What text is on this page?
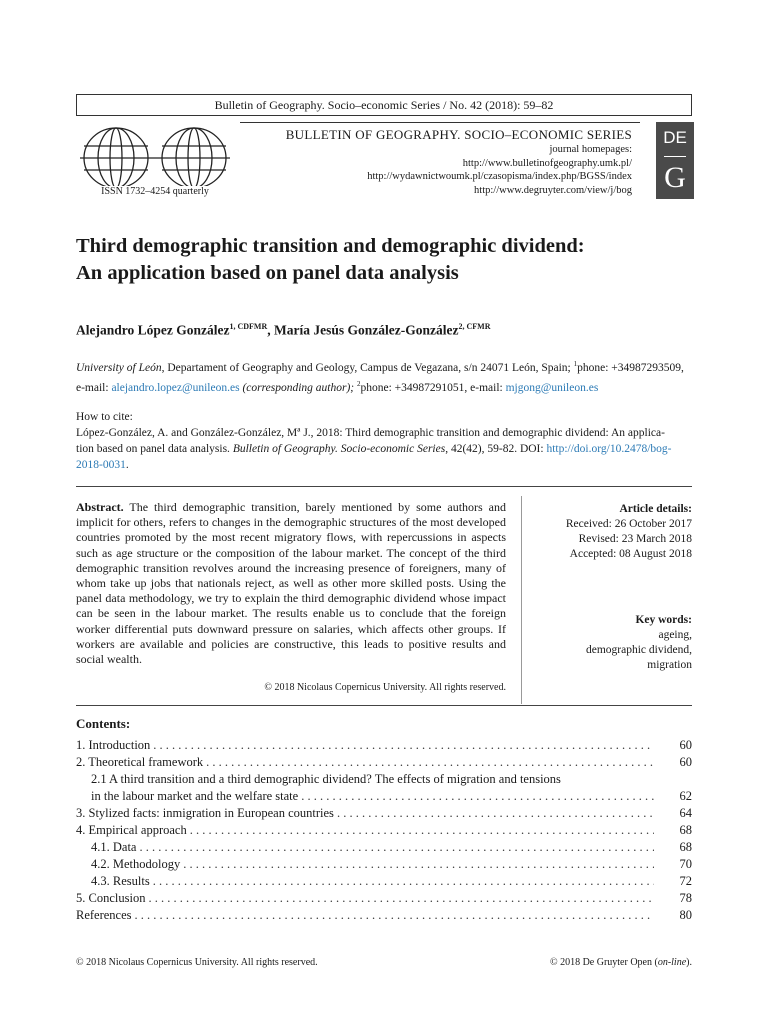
Bulletin of Geography. Socio–economic Series / No. 42 (2018): 59–82
ISSN 1732–4254 quarterly
BULLETIN OF GEOGRAPHY. SOCIO–ECONOMIC SERIES
journal homepages:
http://www.bulletinofgeography.umk.pl/
http://wydawnictwoumk.pl/czasopisma/index.php/BGSS/index
http://www.degruyter.com/view/j/bog
DE
G
Third demographic transition and demographic dividend:
An application based on panel data analysis
Alejandro López González$^{1, CDFMR}$, María Jesús González-González$^{2, CFMR}$
University of León, Departament of Geography and Geology, Campus de Vegazana, s/n 24071 León, Spain; $^1$phone: +34987293509,
e-mail: alejandro.lopez@unileon.es (corresponding author); $^2$phone: +34987291051, e-mail: mjgong@unileon.es
How to cite:
López-González, A. and González-González, Mª J., 2018: Third demographic transition and demographic dividend: An applica-
tion based on panel data analysis. Bulletin of Geography. Socio-economic Series, 42(42), 59-82. DOI: http://doi.org/10.2478/bog-
2018-0031.
Abstract. The third demographic transition, barely mentioned by some authors and implicit for others, refers to changes in the demographic structures of the most developed countries promoted by the most recent migratory flows, with repercussions in aspects such as age structure or the composition of the labour market. The concept of the third demographic transition revolves around the increasing presence of foreigners, many of whom take up jobs that nationals reject, as well as other more skilled posts. Using the panel data methodology, we try to explain the third demographic dividend whose impact can be seen in the labour market. The results enable us to conclude that the foreign worker differential puts downward pressure on salaries, which affects other groups. If workers are available and policies are constructive, this leads to positive results and social wealth.
© 2018 Nicolaus Copernicus University. All rights reserved.
Article details:
Received: 26 October 2017
Revised: 23 March 2018
Accepted: 08 August 2018
Key words:
ageing,
demographic dividend,
migration
Contents:
1. Introduction . . .	60
2. Theoretical framework . . .	60
2.1 A third transition and a third demographic dividend? The effects of migration and tensions
in the labour market and the welfare state . . .	62
3. Stylized facts: inmigration in European countries . . .	64
4. Empirical approach . . .	68
4.1. Data . . .	68
4.2. Methodology . . .	70
4.3. Results . . .	72
5. Conclusion . . .	78
References . . .	80
© 2018 Nicolaus Copernicus University. All rights reserved.	© 2018 De Gruyter Open (on-line).
